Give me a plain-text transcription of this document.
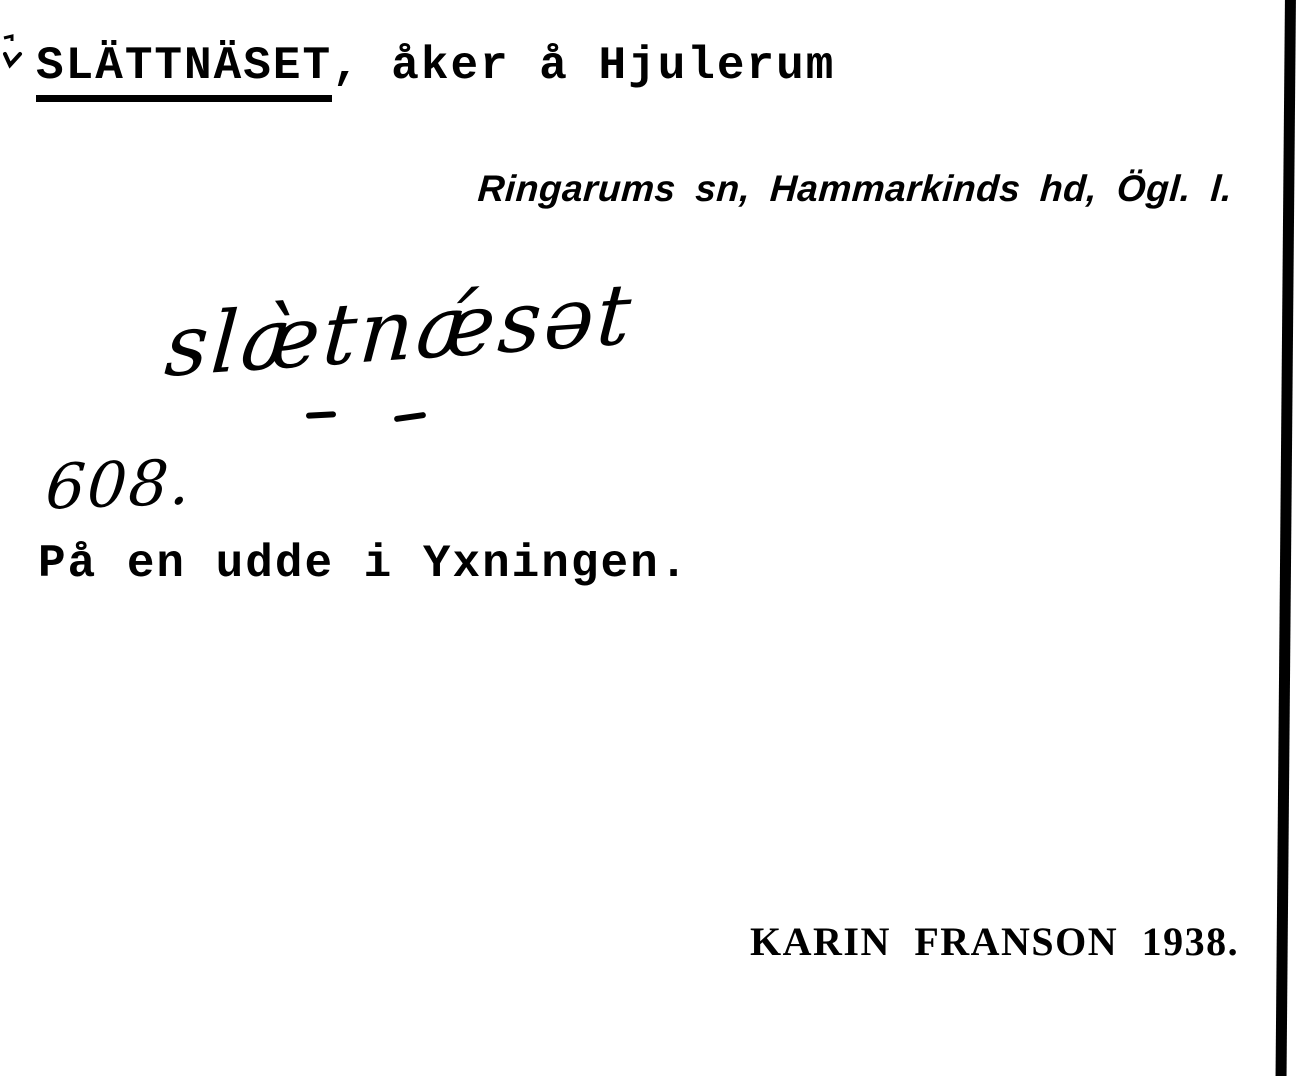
SLÄTTNÄSET, åker å Hjulerum
Ringarums sn, Hammarkinds hd, Ögl. l.
slæ̀tnǽsət
608.
På en udde i Yxningen.
KARIN FRANSON 1938.
